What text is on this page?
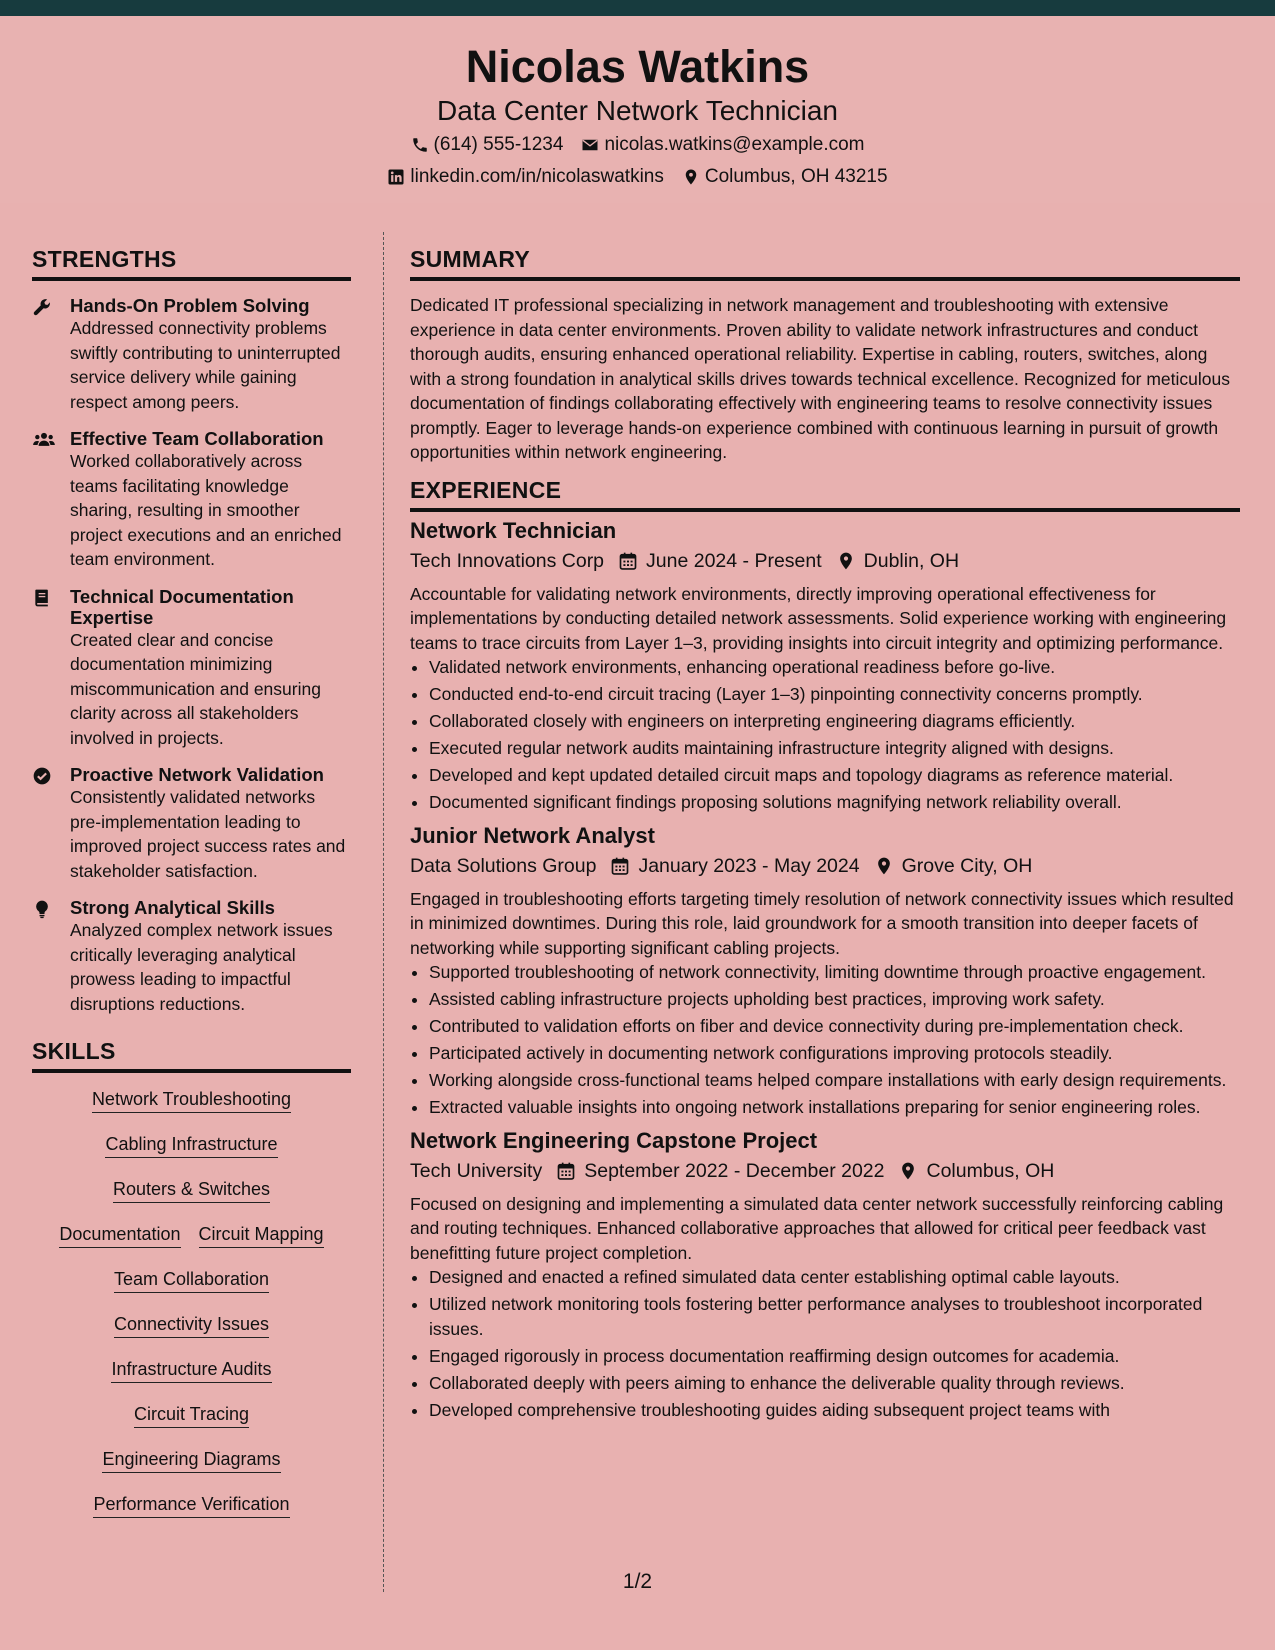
Nicolas Watkins
Data Center Network Technician
(614) 555-1234 nicolas.watkins@example.com
linkedin.com/in/nicolaswatkins Columbus, OH 43215
STRENGTHS
Hands-On Problem Solving
Addressed connectivity problems swiftly contributing to uninterrupted service delivery while gaining respect among peers.
Effective Team Collaboration
Worked collaboratively across teams facilitating knowledge sharing, resulting in smoother project executions and an enriched team environment.
Technical Documentation Expertise
Created clear and concise documentation minimizing miscommunication and ensuring clarity across all stakeholders involved in projects.
Proactive Network Validation
Consistently validated networks pre-implementation leading to improved project success rates and stakeholder satisfaction.
Strong Analytical Skills
Analyzed complex network issues critically leveraging analytical prowess leading to impactful disruptions reductions.
SKILLS
Network Troubleshooting
Cabling Infrastructure
Routers & Switches
Documentation Circuit Mapping
Team Collaboration
Connectivity Issues
Infrastructure Audits
Circuit Tracing
Engineering Diagrams
Performance Verification
SUMMARY
Dedicated IT professional specializing in network management and troubleshooting with extensive experience in data center environments. Proven ability to validate network infrastructures and conduct thorough audits, ensuring enhanced operational reliability. Expertise in cabling, routers, switches, along with a strong foundation in analytical skills drives towards technical excellence. Recognized for meticulous documentation of findings collaborating effectively with engineering teams to resolve connectivity issues promptly. Eager to leverage hands-on experience combined with continuous learning in pursuit of growth opportunities within network engineering.
EXPERIENCE
Network Technician
Tech Innovations Corp June 2024 - Present Dublin, OH
Accountable for validating network environments, directly improving operational effectiveness for implementations by conducting detailed network assessments. Solid experience working with engineering teams to trace circuits from Layer 1–3, providing insights into circuit integrity and optimizing performance.
• Validated network environments, enhancing operational readiness before go-live.
• Conducted end-to-end circuit tracing (Layer 1–3) pinpointing connectivity concerns promptly.
• Collaborated closely with engineers on interpreting engineering diagrams efficiently.
• Executed regular network audits maintaining infrastructure integrity aligned with designs.
• Developed and kept updated detailed circuit maps and topology diagrams as reference material.
• Documented significant findings proposing solutions magnifying network reliability overall.
Junior Network Analyst
Data Solutions Group January 2023 - May 2024 Grove City, OH
Engaged in troubleshooting efforts targeting timely resolution of network connectivity issues which resulted in minimized downtimes. During this role, laid groundwork for a smooth transition into deeper facets of networking while supporting significant cabling projects.
• Supported troubleshooting of network connectivity, limiting downtime through proactive engagement.
• Assisted cabling infrastructure projects upholding best practices, improving work safety.
• Contributed to validation efforts on fiber and device connectivity during pre-implementation check.
• Participated actively in documenting network configurations improving protocols steadily.
• Working alongside cross-functional teams helped compare installations with early design requirements.
• Extracted valuable insights into ongoing network installations preparing for senior engineering roles.
Network Engineering Capstone Project
Tech University September 2022 - December 2022 Columbus, OH
Focused on designing and implementing a simulated data center network successfully reinforcing cabling and routing techniques. Enhanced collaborative approaches that allowed for critical peer feedback vast benefitting future project completion.
• Designed and enacted a refined simulated data center establishing optimal cable layouts.
• Utilized network monitoring tools fostering better performance analyses to troubleshoot incorporated issues.
• Engaged rigorously in process documentation reaffirming design outcomes for academia.
• Collaborated deeply with peers aiming to enhance the deliverable quality through reviews.
• Developed comprehensive troubleshooting guides aiding subsequent project teams with
1/2
